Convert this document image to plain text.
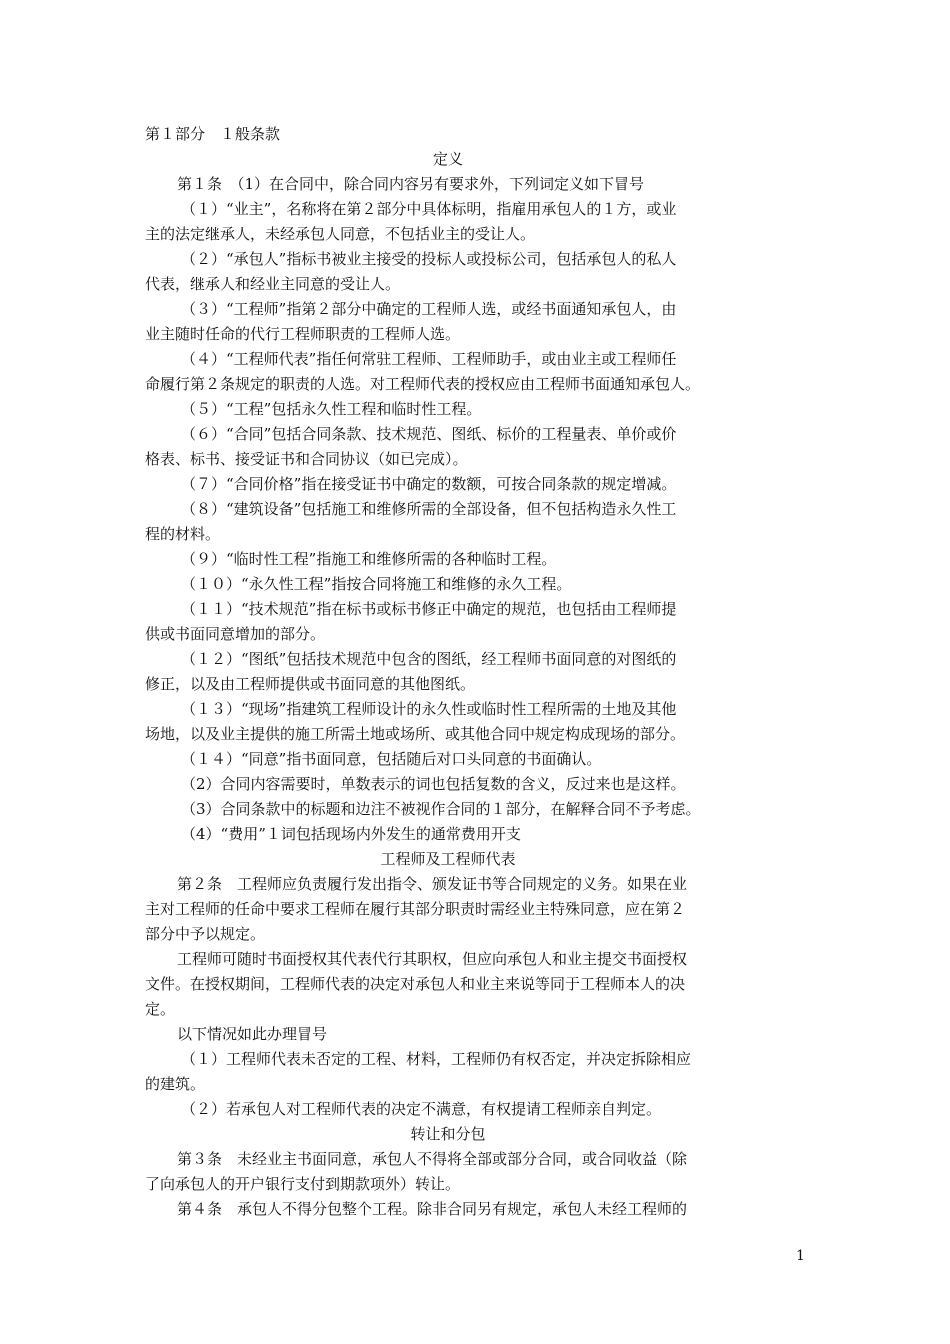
第１部分　１般条款
定义
第１条　（1）在合同中，除合同内容另有要求外，下列词定义如下冒号
（１）“业主”，名称将在第２部分中具体标明，指雇用承包人的１方，或业
主的法定继承人，未经承包人同意，不包括业主的受让人。
（２）“承包人”指标书被业主接受的投标人或投标公司，包括承包人的私人
代表，继承人和经业主同意的受让人。
（３）“工程师”指第２部分中确定的工程师人选，或经书面通知承包人，由
业主随时任命的代行工程师职责的工程师人选。
（４）“工程师代表”指任何常驻工程师、工程师助手，或由业主或工程师任
命履行第２条规定的职责的人选。对工程师代表的授权应由工程师书面通知承包人。
（５）“工程”包括永久性工程和临时性工程。
（６）“合同”包括合同条款、技术规范、图纸、标价的工程量表、单价或价
格表、标书、接受证书和合同协议（如已完成）。
（７）“合同价格”指在接受证书中确定的数额，可按合同条款的规定增减。
（８）“建筑设备”包括施工和维修所需的全部设备，但不包括构造永久性工
程的材料。
（９）“临时性工程”指施工和维修所需的各种临时工程。
（１０）“永久性工程”指按合同将施工和维修的永久工程。
（１１）“技术规范”指在标书或标书修正中确定的规范，也包括由工程师提
供或书面同意增加的部分。
（１２）“图纸”包括技术规范中包含的图纸，经工程师书面同意的对图纸的
修正，以及由工程师提供或书面同意的其他图纸。
（１３）“现场”指建筑工程师设计的永久性或临时性工程所需的土地及其他
场地，以及业主提供的施工所需土地或场所、或其他合同中规定构成现场的部分。
（１４）“同意”指书面同意，包括随后对口头同意的书面确认。
（2）合同内容需要时，单数表示的词也包括复数的含义，反过来也是这样。
（3）合同条款中的标题和边注不被视作合同的１部分，在解释合同不予考虑。
（4）“费用”１词包括现场内外发生的通常费用开支
工程师及工程师代表
第２条　工程师应负责履行发出指令、颁发证书等合同规定的义务。如果在业
主对工程师的任命中要求工程师在履行其部分职责时需经业主特殊同意，应在第２
部分中予以规定。
工程师可随时书面授权其代表代行其职权，但应向承包人和业主提交书面授权
文件。在授权期间，工程师代表的决定对承包人和业主来说等同于工程师本人的决
定。
以下情况如此办理冒号
（１）工程师代表未否定的工程、材料，工程师仍有权否定，并决定拆除相应
的建筑。
（２）若承包人对工程师代表的决定不满意，有权提请工程师亲自判定。
转让和分包
第３条　未经业主书面同意，承包人不得将全部或部分合同，或合同收益（除
了向承包人的开户银行支付到期款项外）转让。
第４条　承包人不得分包整个工程。除非合同另有规定，承包人未经工程师的
1
